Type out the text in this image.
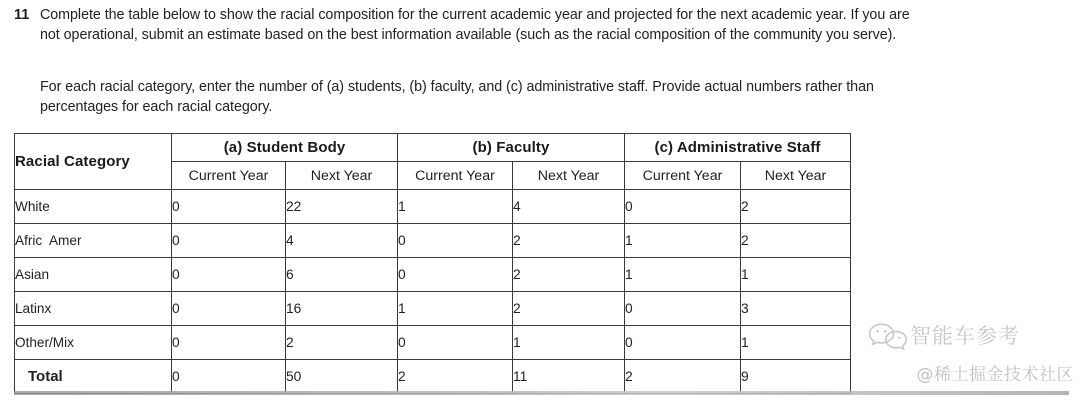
11 Complete the table below to show the racial composition for the current academic year and projected for the next academic year. If you are
not operational, submit an estimate based on the best information available (such as the racial composition of the community you serve).
For each racial category, enter the number of (a) students, (b) faculty, and (c) administrative staff. Provide actual numbers rather than
percentages for each racial category.
Racial Category	(a) Student Body		(b) Faculty		(c) Administrative Staff	
	Current Year	Next Year	Current Year	Next Year	Current Year	Next Year
White	0	22	1	4	0	2
Afric  Amer	0	4	0	2	1	2
Asian	0	6	0	2	1	1
Latinx	0	16	1	2	0	3
Other/Mix	0	2	0	1	0	1
Total	0	50	2	11	2	9
智能车参考
@稀土掘金技术社区
